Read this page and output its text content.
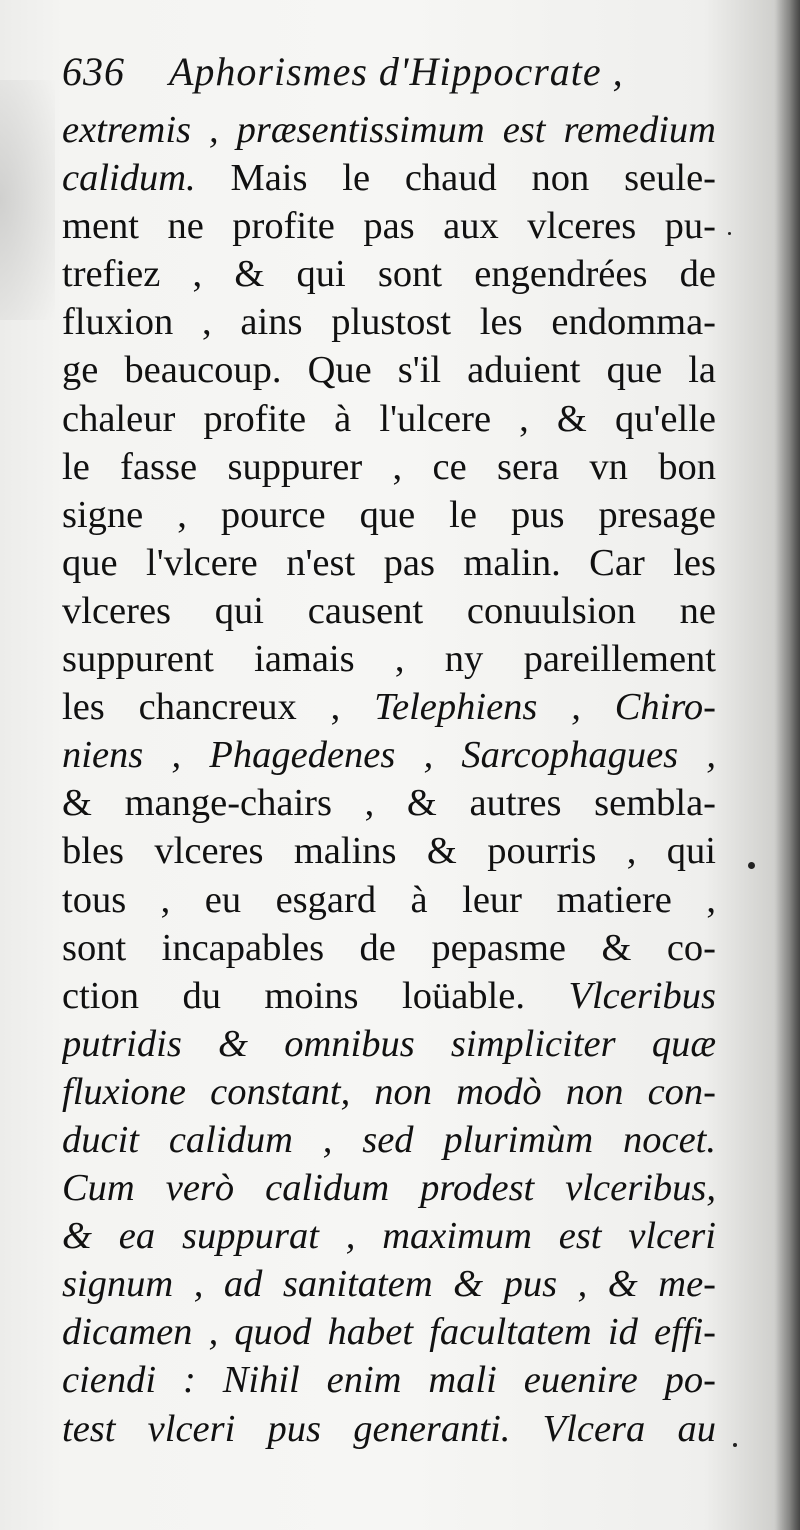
636 Aphorismes d'Hippocrate ,
extremis , præsentissimum est remedium
calidum. Mais le chaud non seule-
ment ne profite pas aux vlceres pu-
trefiez , & qui sont engendrées de
fluxion , ains plustost les endomma-
ge beaucoup. Que s'il aduient que la
chaleur profite à l'ulcere , & qu'elle
le fasse suppurer , ce sera vn bon
signe , pource que le pus presage
que l'vlcere n'est pas malin. Car les
vlceres qui causent conuulsion ne
suppurent iamais , ny pareillement
les chancreux , Telephiens , Chiro-
niens , Phagedenes , Sarcophagues ,
& mange-chairs , & autres sembla-
bles vlceres malins & pourris , qui
tous , eu esgard à leur matiere ,
sont incapables de pepasme & co-
ction du moins loüable. Vlceribus
putridis & omnibus simpliciter quæ
fluxione constant, non modò non con-
ducit calidum , sed plurimùm nocet.
Cum verò calidum prodest vlceribus,
& ea suppurat , maximum est vlceri
signum , ad sanitatem & pus , & me-
dicamen , quod habet facultatem id effi-
ciendi : Nihil enim mali euenire po-
test vlceri pus generanti. Vlcera au
